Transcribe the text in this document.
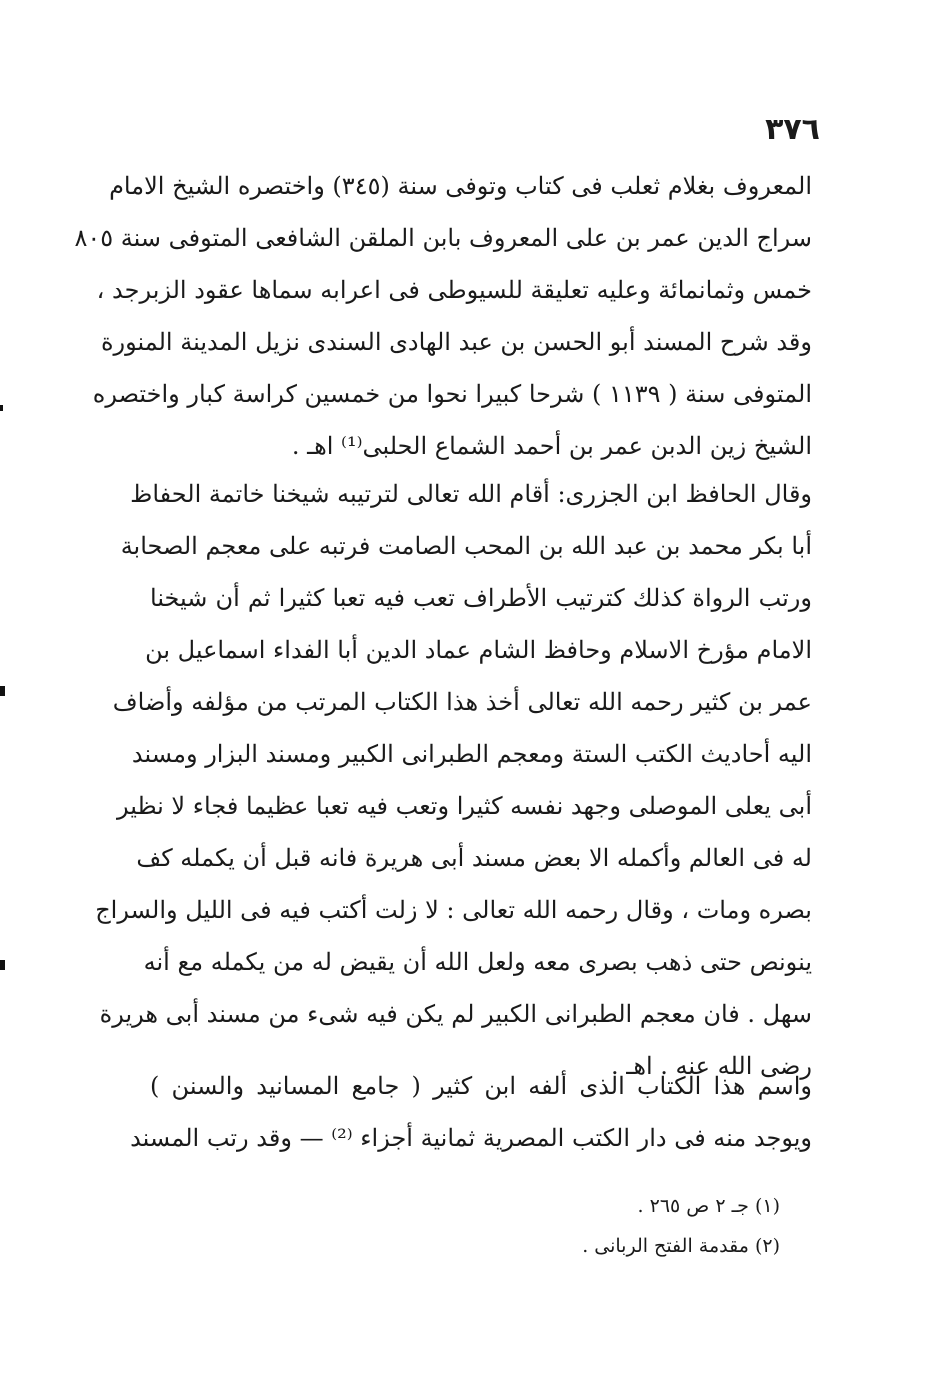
٣٧٦
المعروف بغلام ثعلب فى كتاب وتوفى سنة (٣٤٥) واختصره الشيخ الامام
سراج الدين عمر بن على المعروف بابن الملقن الشافعى المتوفى سنة ٨٠٥
خمس وثمانمائة وعليه تعليقة للسيوطى فى اعرابه سماها عقود الزبرجد ،
وقد شرح المسند أبو الحسن بن عبد الهادى السندى نزيل المدينة المنورة
المتوفى سنة ( ١١٣٩ ) شرحا كبيرا نحوا من خمسين كراسة كبار واختصره
الشيخ زين الدبن عمر بن أحمد الشماع الحلبى⁽¹⁾ اهـ .
وقال الحافظ ابن الجزرى: أقام الله تعالى لترتيبه شيخنا خاتمة الحفاظ
أبا بكر محمد بن عبد الله بن المحب الصامت فرتبه على معجم الصحابة
ورتب الرواة كذلك كترتيب الأطراف تعب فيه تعبا كثيرا ثم أن شيخنا
الامام مؤرخ الاسلام وحافظ الشام عماد الدين أبا الفداء اسماعيل بن
عمر بن كثير رحمه الله تعالى أخذ هذا الكتاب المرتب من مؤلفه وأضاف
اليه أحاديث الكتب الستة ومعجم الطبرانى الكبير ومسند البزار ومسند
أبى يعلى الموصلى وجهد نفسه كثيرا وتعب فيه تعبا عظيما فجاء لا نظير
له فى العالم وأكمله الا بعض مسند أبى هريرة فانه قبل أن يكمله كف
بصره ومات ، وقال رحمه الله تعالى : لا زلت أكتب فيه فى الليل والسراج
ينونص حتى ذهب بصرى معه ولعل الله أن يقيض له من يكمله مع أنه
سهل . فان معجم الطبرانى الكبير لم يكن فيه شىء من مسند أبى هريرة
رضى الله عنه . اهـ .
واسم هذا الكتاب الذى ألفه ابن كثير ( جامع المسانيد والسنن )
ويوجد منه فى دار الكتب المصرية ثمانية أجزاء ⁽²⁾ — وقد رتب المسند
(١) جـ ٢ ص ٢٦٥ .
(٢) مقدمة الفتح الربانى .
